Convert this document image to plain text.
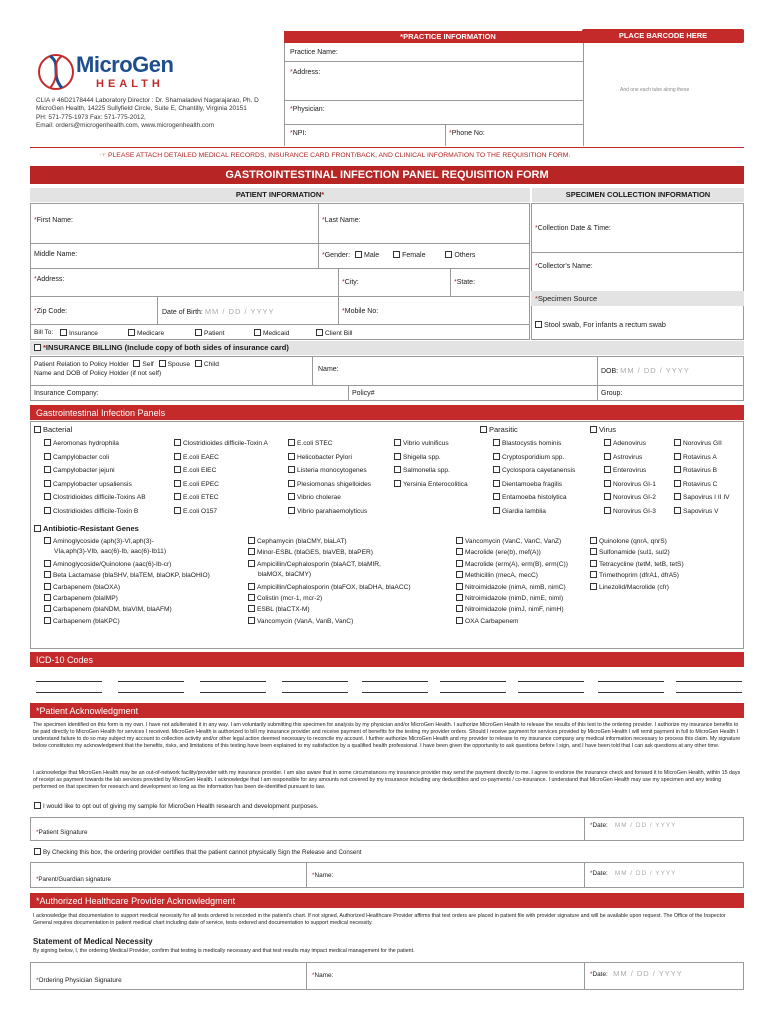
MicroGen
HEALTH
CLIA # 46D2178444 Laboratory Director : Dr. Shamaladevi Nagarajarao, Ph. D
MicroGen Health, 14225 Sullyfield Circle, Suite E, Chantilly, Virginia 20151
PH: 571-775-1973 Fax: 571-775-2012,
Email: orders@microgenhealth.com, www.microgenhealth.com
*PRACTICE INFORMATION	PLACE BARCODE HERE
And one each tube along these
Practice Name:
*Address:
*Physician:
*NPI:	*Phone No:
☞ PLEASE ATTACH DETAILED MEDICAL RECORDS, INSURANCE CARD FRONT/BACK, AND CLINICAL INFORMATION TO THE REQUISITION FORM.
GASTROINTESTINAL INFECTION PANEL REQUISITION FORM
PATIENT INFORMATION*	SPECIMEN COLLECTION INFORMATION
*First Name:	*Last Name:
Middle Name:	*Gender: Male	Female	Others
*Address:	*City:	*State:
*Zip Code:	Date of Birth: MM / DD / YYYY	*Mobile No:
Bill To:	Insurance	Medicare	Patient	Medicaid	Client Bill
*Collection Date & Time:
*Collector's Name:
*Specimen Source
Stool swab, For infants a rectum swab
*INSURANCE BILLING (Include copy of both sides of insurance card)
Patient Relation to Policy Holder Self Spouse Child
Name and DOB of Policy Holder (if not self)
Name:	DOB: MM / DD / YYYY
Insurance Company:	Policy#	Group:
Gastrointestinal Infection Panels
Bacterial	Parasitic	Virus
Aeromonas hydrophila
Campylobacter coli
Campylobacter jejuni
Campylobacter upsaliensis
Clostridioides difficile-Toxins AB
Clostridioides difficile-Toxin B
Clostridioides difficile-Toxin A
E.coli EAEC
E.coli EIEC
E.coli EPEC
E.coli ETEC
E.coli O157
E.coli STEC
Helicobacter Pylori
Listeria monocytogenes
Plesiomonas shigelloides
Vibrio cholerae
Vibrio parahaemolyticus
Vibrio vulnificus
Shigella spp.
Salmonella spp.
Yersinia Enterocolitica
Blastocystis hominis
Cryptosporidium spp.
Cyclospora cayetanensis
Dientamoeba fragilis
Entamoeba histolytica
Giardia lamblia
Adenovirus
Astrovirus
Enterovirus
Norovirus GI-1
Norovirus GI-2
Norovirus GI-3
Norovirus GII
Rotavirus A
Rotavirus B
Rotavirus C
Sapovirus I II IV
Sapovirus V
Antibiotic-Resistant Genes
Aminoglycoside (aph(3)-VI,aph(3)-
VIa,aph(3)-VIb, aac(6)-Ib, aac(6)-Ib11)
Aminoglycoside/Quinolone (aac(6)-Ib-cr)
Beta Lactamase (blaSHV, blaTEM, blaOKP, blaOHIO)
Carbapenem (blaOXA)
Carbapenem (blaIMP)
Carbapenem (blaNDM, blaVIM, blaAFM)
Carbapenem (blaKPC)
Cephamycin (blaCMY, blaLAT)
Minor-ESBL (blaGES, blaVEB, blaPER)
Ampicillin/Cephalosporin (blaACT, blaMIR,
blaMOX, blaCMY)
Ampicillin/Cephalosporin (blaFOX, blaDHA, blaACC)
Colistin (mcr-1, mcr-2)
ESBL (blaCTX-M)
Vancomycin (VanA, VanB, VanC)
Vancomycin (VanC, VanC, VanZ)
Macrolide (ere(b), mef(A))
Macrolide (erm(A), erm(B), erm(C))
Methicillin (mecA, mecC)
Nitroimidazole (nimA, nimB, nimC)
Nitroimidazole (nimD, nimE, nimI)
Nitroimidazole (nimJ, nimF, nimH)
OXA Carbapenem
Quinolone (qnrA, qnrS)
Sulfonamide (sul1, sul2)
Tetracycline (tetM, tetB, tetS)
Trimethoprim (dfrA1, dfrA5)
Linezolid/Macrolide (cfr)
ICD-10 Codes
*Patient Acknowledgment
The specimen identified on this form is my own. I have not adulterated it in any way. I am voluntarily submitting this specimen for analysis by my physician and/or MicroGen Health. I authorize MicroGen Health to release the results of this test to the ordering provider. I authorize my insurance benefits to be paid directly to MicroGen Health for services I received. MicroGen Health is authorized to bill my insurance provider and receive payment of benefits for the testing my provider orders. Should I receive payment for services provided by MicroGen Health I will remit payment in full to MicroGen Health I understand failure to do so may subject my account to collection activity and/or other legal action deemed necessary to reconcile my account. I further authorize MicroGen Health and my provider to release to my insurance company any medical information necessary to process this claim. My signature below constitutes my acknowledgment that the benefits, risks, and limitations of this testing have been explained to my satisfaction by a qualified health professional. I have been given the opportunity to ask questions before I sign, and I have been told that I can ask questions at any other time.
I acknowledge that MicroGen Health may be an out-of-network facility/provider with my insurance provider. I am also aware that in some circumstances my insurance provider may send the payment directly to me. I agree to endorse the insurance check and forward it to MicroGen Health, within 15 days of receipt as payment towards the lab services provided by MicroGen Health. I acknowledge that I am responsible for any amounts not covered by my insurance including any deductibles and co-payments / co-insurance. I understand that MicroGen Health may use my specimen and any testing performed on that specimen for research and development so long as the information has been de-identified pursuant to law.
I would like to opt out of giving my sample for MicroGen Health research and development purposes.
*Patient Signature
*Date: MM / DD / YYYY
By Checking this box, the ordering provider certifies that the patient cannot physically Sign the Release and Consent
*Parent/Guardian signature
*Name:	*Date: MM / DD / YYYY
*Authorized Healthcare Provider Acknowledgment
I acknowledge that documentation to support medical necessity for all tests ordered is recorded in the patient's chart. If not signed, Authorized Healthcare Provider affirms that test orders are placed in patient file with provider signature and will be available upon request. The Office of the Inspector General requires documentation in patient medical chart including date of service, tests ordered and documentation to support medical necessity.
Statement of Medical Necessity
By signing below, I, the ordering Medical Provider, confirm that testing is medically necessary and that test results may impact medical management for the patient.
*Ordering Physician Signature
*Name:	*Date: MM / DD / YYYY
